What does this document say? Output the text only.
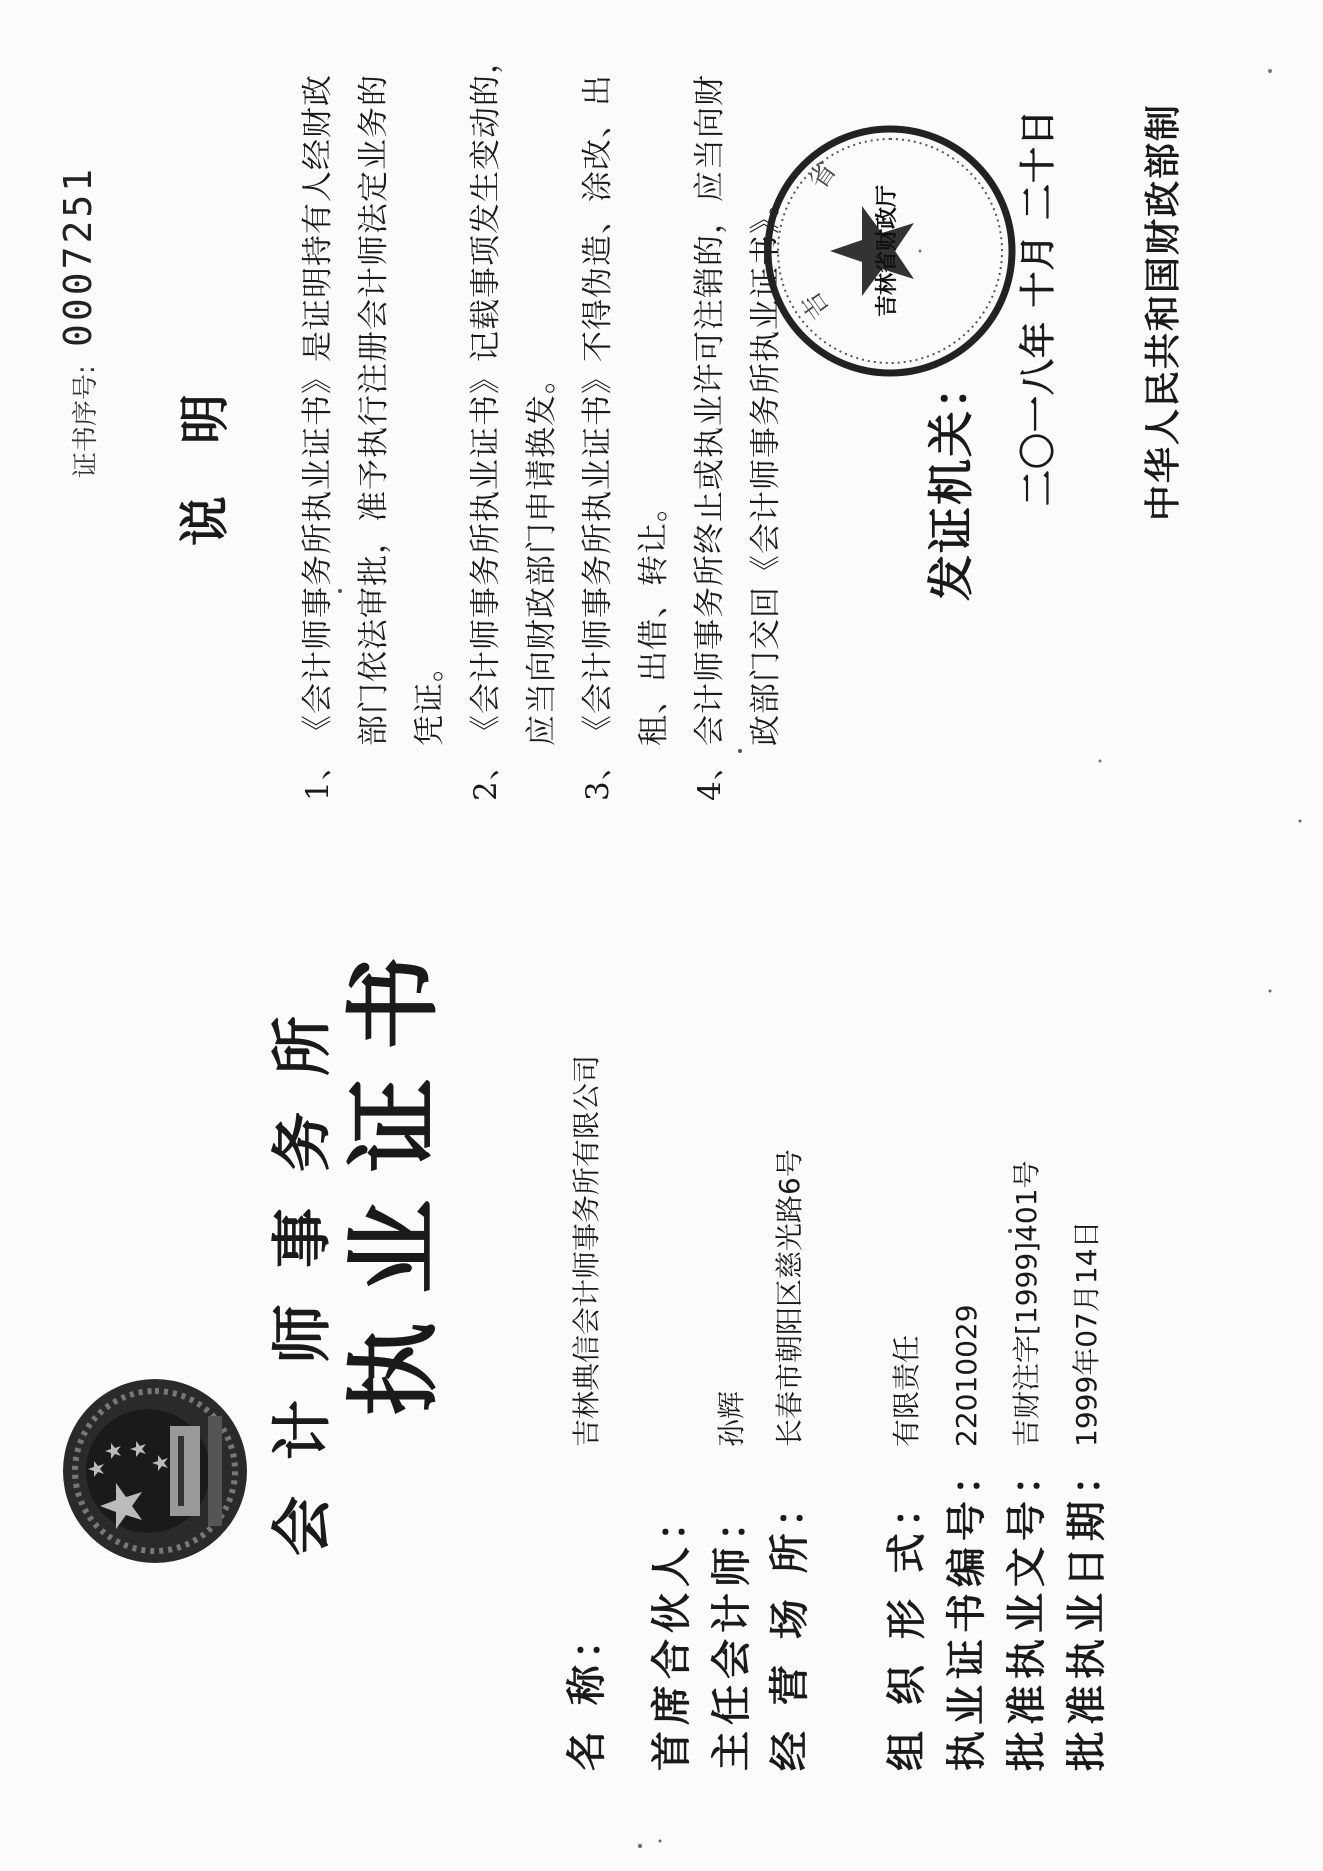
会计师事务所 执业证书
名 称：吉林典信会计师事务所有限公司
首席合伙人： 主任会计师：孙辉
经 营 场 所：长春市朝阳区慈光路6号
组 织 形 式：有限责任
执业证书编号：22010029
批准执业文号：吉财注字[1999]401号
批准执业日期：1999年07月14日
证书序号:
0007251
说明
1、
《会计师事务所执业证书》是证明持有人经财政 部门依法审批，准予执行注册会计师法定业务的 凭证。
2、
《会计师事务所执业证书》记载事项发生变动的， 应当向财政部门申请换发。
3、
《会计师事务所执业证书》不得伪造、涂改、出 租、出借、转让。
4、
会计师事务所终止或执业许可注销的，应当向财 政部门交回《会计师事务所执业证书》。 吉
省
吉林省财政厅
发证机关： 二〇一八年 十月 二十日 中华人民共和国财政部制
